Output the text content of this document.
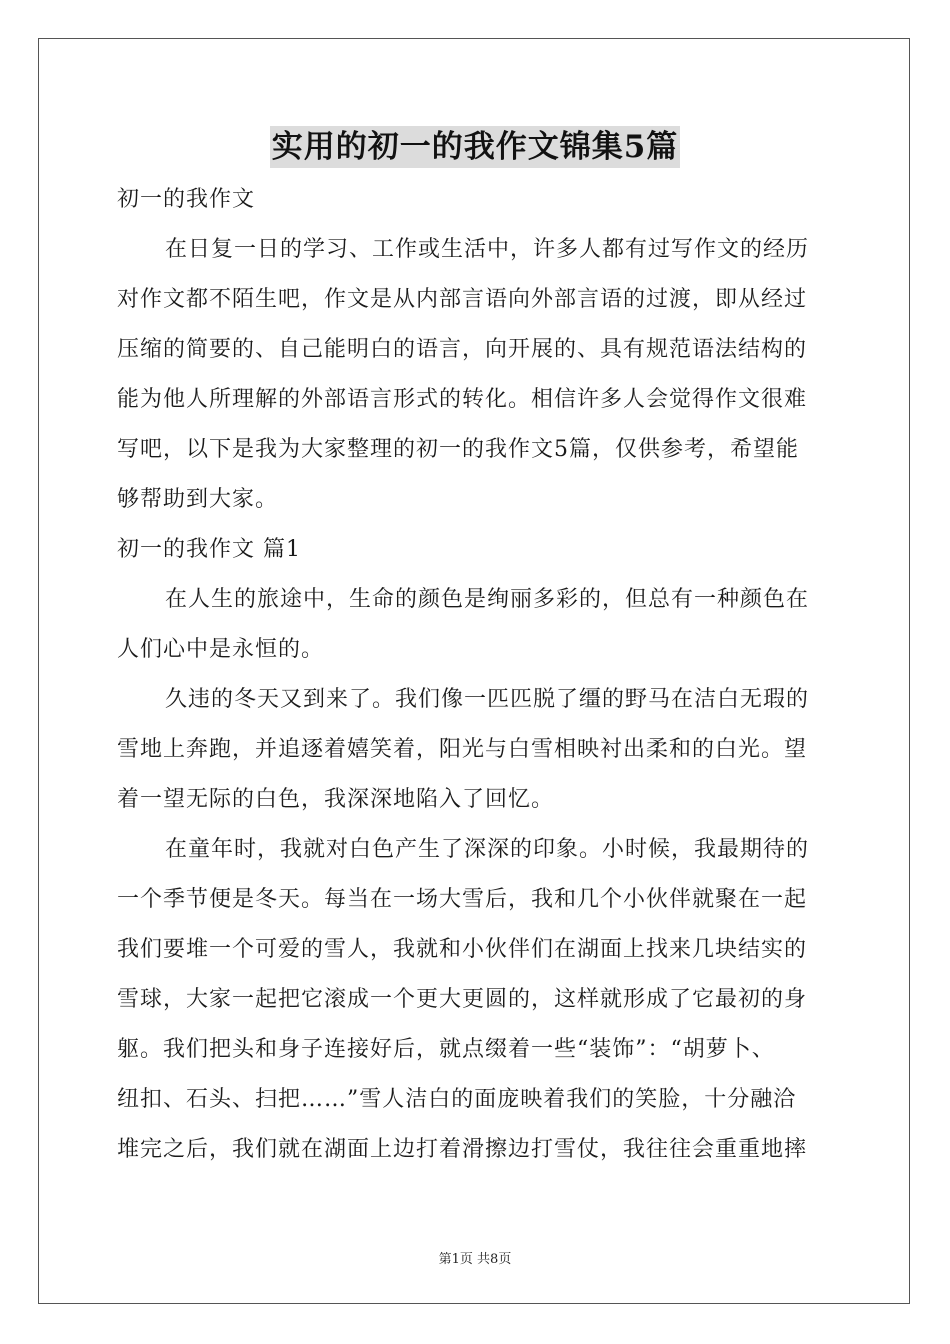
实用的初一的我作文锦集5篇
初一的我作文
在日复一日的学习、工作或生活中，许多人都有过写作文的经历
对作文都不陌生吧，作文是从内部言语向外部言语的过渡，即从经过
压缩的简要的、自己能明白的语言，向开展的、具有规范语法结构的
能为他人所理解的外部语言形式的转化。相信许多人会觉得作文很难
写吧，以下是我为大家整理的初一的我作文5篇，仅供参考，希望能
够帮助到大家。
初一的我作文 篇1
在人生的旅途中，生命的颜色是绚丽多彩的，但总有一种颜色在
人们心中是永恒的。
久违的冬天又到来了。我们像一匹匹脱了缰的野马在洁白无瑕的
雪地上奔跑，并追逐着嬉笑着，阳光与白雪相映衬出柔和的白光。望
着一望无际的白色，我深深地陷入了回忆。
在童年时，我就对白色产生了深深的印象。小时候，我最期待的
一个季节便是冬天。每当在一场大雪后，我和几个小伙伴就聚在一起
我们要堆一个可爱的雪人，我就和小伙伴们在湖面上找来几块结实的
雪球，大家一起把它滚成一个更大更圆的，这样就形成了它最初的身
躯。我们把头和身子连接好后，就点缀着一些“装饰”：“胡萝卜、
纽扣、石头、扫把……”雪人洁白的面庞映着我们的笑脸，十分融洽
堆完之后，我们就在湖面上边打着滑擦边打雪仗，我往往会重重地摔
第1页 共8页
